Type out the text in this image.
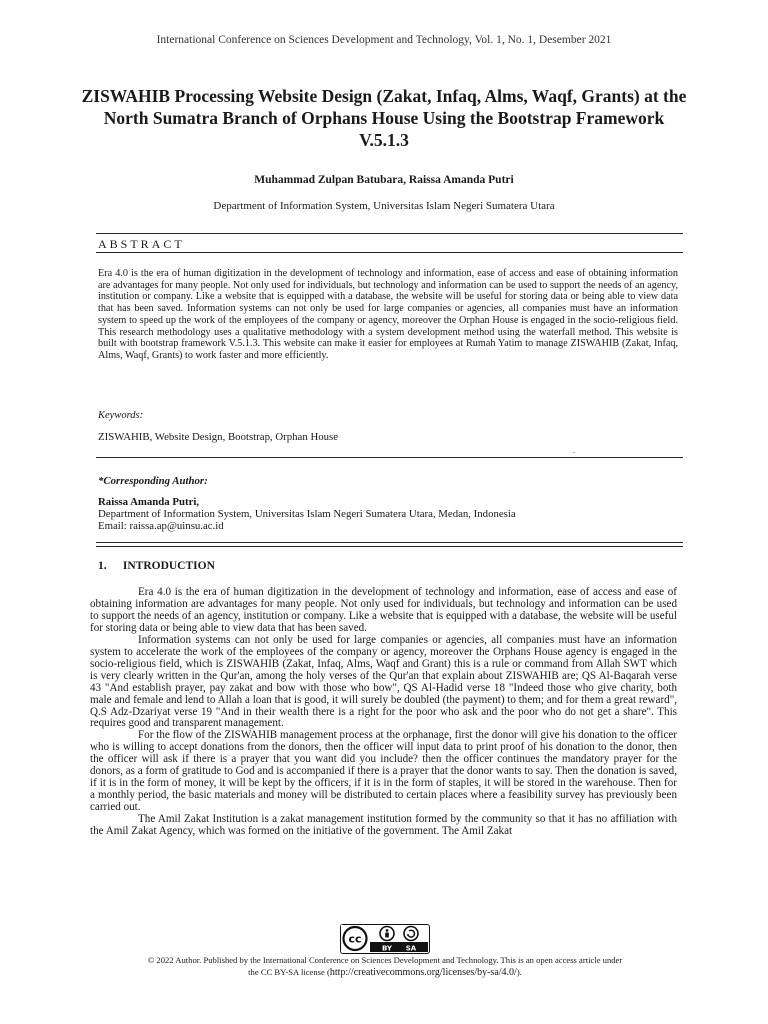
International Conference on Sciences Development and Technology, Vol. 1, No. 1, Desember 2021
ZISWAHIB Processing Website Design (Zakat, Infaq, Alms, Waqf, Grants) at the North Sumatra Branch of Orphans House Using the Bootstrap Framework V.5.1.3
Muhammad Zulpan Batubara, Raissa Amanda Putri
Department of Information System, Universitas Islam Negeri Sumatera Utara
ABSTRACT

Era 4.0 is the era of human digitization in the development of technology and information, ease of access and ease of obtaining information are advantages for many people. Not only used for individuals, but technology and information can be used to support the needs of an agency, institution or company. Like a website that is equipped with a database, the website will be useful for storing data or being able to view data that has been saved. Information systems can not only be used for large companies or agencies, all companies must have an information system to speed up the work of the employees of the company or agency, moreover the Orphan House is engaged in the socio-religious field. This research methodology uses a qualitative methodology with a system development method using the waterfall method. This website is built with bootstrap framework V.5.1.3. This website can make it easier for employees at Rumah Yatim to manage ZISWAHIB (Zakat, Infaq, Alms, Waqf, Grants) to work faster and more efficiently.

Keywords:
ZISWAHIB, Website Design, Bootstrap, Orphan House
.
*Corresponding Author:
Raissa Amanda Putri,
Department of Information System, Universitas Islam Negeri Sumatera Utara, Medan, Indonesia
Email: raissa.ap@uinsu.ac.id
1. INTRODUCTION

Era 4.0 is the era of human digitization in the development of technology and information, ease of access and ease of obtaining information are advantages for many people. Not only used for individuals, but technology and information can be used to support the needs of an agency, institution or company. Like a website that is equipped with a database, the website will be useful for storing data or being able to view data that has been saved.

Information systems can not only be used for large companies or agencies, all companies must have an information system to accelerate the work of the employees of the company or agency, moreover the Orphans House agency is engaged in the socio-religious field, which is ZISWAHIB (Zakat, Infaq, Alms, Waqf and Grant) this is a rule or command from Allah SWT which is very clearly written in the Qur'an, among the holy verses of the Qur'an that explain about ZISWAHIB are; QS Al-Baqarah verse 43 "And establish prayer, pay zakat and bow with those who bow", QS Al-Hadid verse 18 "Indeed those who give charity, both male and female and lend to Allah a loan that is good, it will surely be doubled (the payment) to them; and for them a great reward", Q.S Adz-Dzariyat verse 19 "And in their wealth there is a right for the poor who ask and the poor who do not get a share". This requires good and transparent management.

For the flow of the ZISWAHIB management process at the orphanage, first the donor will give his donation to the officer who is willing to accept donations from the donors, then the officer will input data to print proof of his donation to the donor, then the officer will ask if there is a prayer that you want did you include? then the officer continues the mandatory prayer for the donors, as a form of gratitude to God and is accompanied if there is a prayer that the donor wants to say. Then the donation is saved, if it is in the form of money, it will be kept by the officers, if it is in the form of staples, it will be stored in the warehouse. Then for a monthly period, the basic materials and money will be distributed to certain places where a feasibility survey has previously been carried out.

The Amil Zakat Institution is a zakat management institution formed by the community so that it has no affiliation with the Amil Zakat Agency, which was formed on the initiative of the government. The Amil Zakat

cc
BY SA
© 2022 Author. Published by the International Conference on Sciences Development and Technology. This is an open access article under
the CC BY-SA license (http://creativecommons.org/licenses/by-sa/4.0/).
